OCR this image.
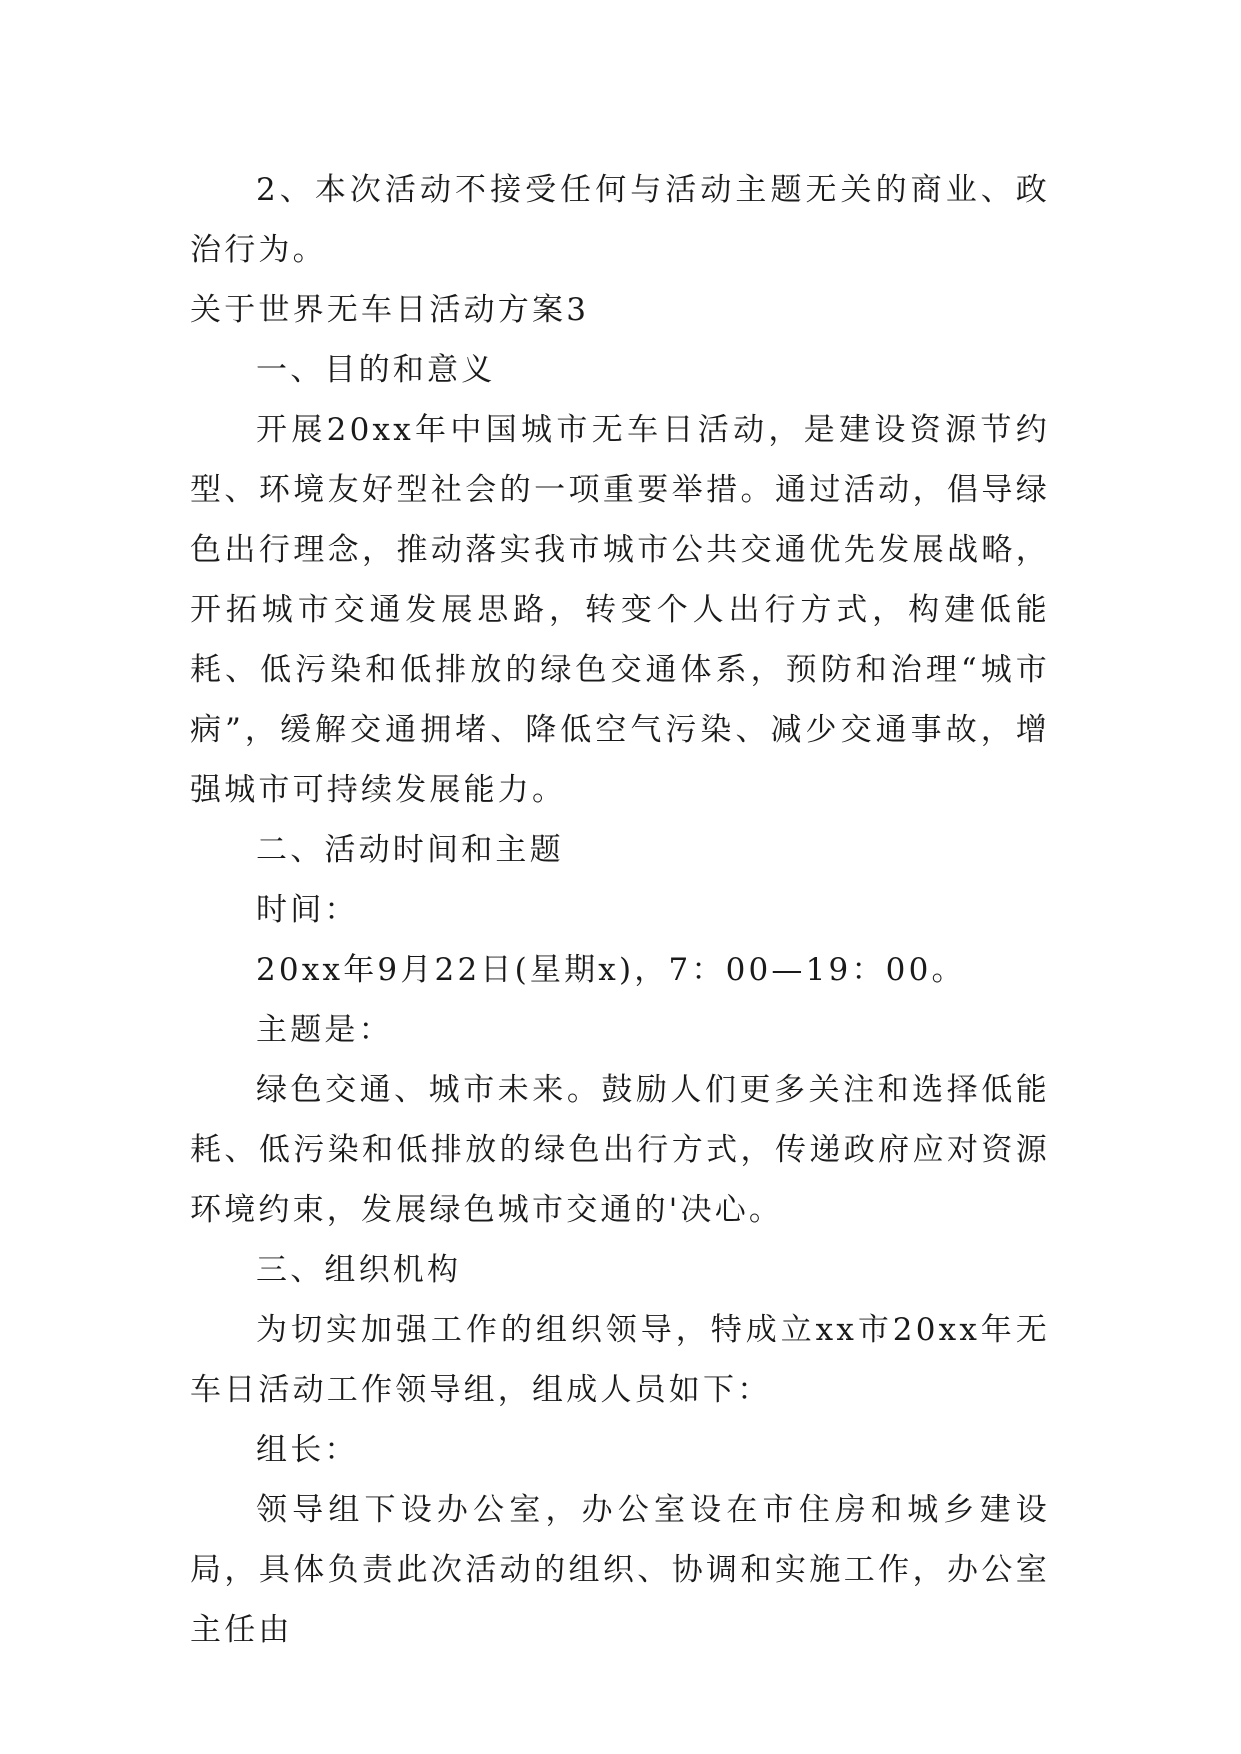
2、本次活动不接受任何与活动主题无关的商业、政治行为。

关于世界无车日活动方案3

一、目的和意义

开展20xx年中国城市无车日活动，是建设资源节约型、环境友好型社会的一项重要举措。通过活动，倡导绿色出行理念，推动落实我市城市公共交通优先发展战略，开拓城市交通发展思路，转变个人出行方式，构建低能耗、低污染和低排放的绿色交通体系，预防和治理“城市病”，缓解交通拥堵、降低空气污染、减少交通事故，增强城市可持续发展能力。

二、活动时间和主题

时间：

20xx年9月22日(星期x)，7：00—19：00。

主题是：

绿色交通、城市未来。鼓励人们更多关注和选择低能耗、低污染和低排放的绿色出行方式，传递政府应对资源环境约束，发展绿色城市交通的'决心。

三、组织机构

为切实加强工作的组织领导，特成立xx市20xx年无车日活动工作领导组，组成人员如下：

组长：

领导组下设办公室，办公室设在市住房和城乡建设局，具体负责此次活动的组织、协调和实施工作，办公室主任由
